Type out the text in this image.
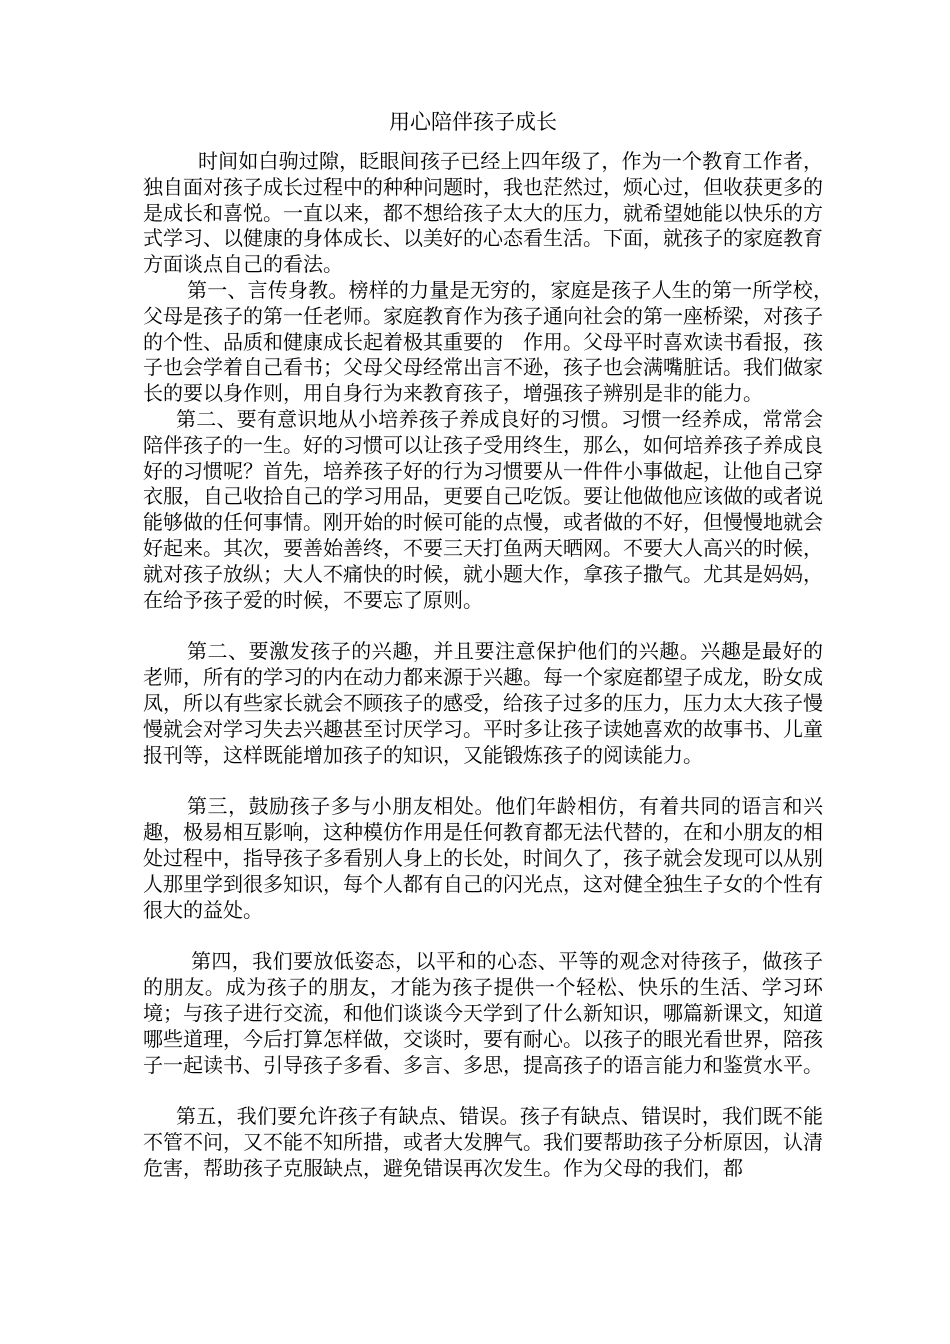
用心陪伴孩子成长

时间如白驹过隙，眨眼间孩子已经上四年级了，作为一个教育工作者，独自面对孩子成长过程中的种种问题时，我也茫然过，烦心过，但收获更多的是成长和喜悦。一直以来，都不想给孩子太大的压力，就希望她能以快乐的方式学习、以健康的身体成长、以美好的心态看生活。下面，就孩子的家庭教育方面谈点自己的看法。

第一、言传身教。榜样的力量是无穷的，家庭是孩子人生的第一所学校，　父母是孩子的第一任老师。家庭教育作为孩子通向社会的第一座桥梁，对孩子的个性、品质和健康成长起着极其重要的　作用。父母平时喜欢读书看报，孩子也会学着自己看书；父母父母经常出言不逊，孩子也会满嘴脏话。我们做家长的要以身作则，用自身行为来教育孩子，增强孩子辨别是非的能力。

第二、要有意识地从小培养孩子养成良好的习惯。习惯一经养成，常常会陪伴孩子的一生。好的习惯可以让孩子受用终生，那么，如何培养孩子养成良好的习惯呢？首先，培养孩子好的行为习惯要从一件件小事做起，让他自己穿衣服，自己收拾自己的学习用品，更要自己吃饭。要让他做他应该做的或者说能够做的任何事情。刚开始的时候可能的点慢，或者做的不好，但慢慢地就会好起来。其次，要善始善终，不要三天打鱼两天晒网。不要大人高兴的时候，就对孩子放纵；大人不痛快的时候，就小题大作，拿孩子撒气。尤其是妈妈，在给予孩子爱的时候，不要忘了原则。

第二、要激发孩子的兴趣，并且要注意保护他们的兴趣。兴趣是最好的老师，所有的学习的内在动力都来源于兴趣。每一个家庭都望子成龙，盼女成凤，所以有些家长就会不顾孩子的感受，给孩子过多的压力，压力太大孩子慢慢就会对学习失去兴趣甚至讨厌学习。平时多让孩子读她喜欢的故事书、儿童报刊等，这样既能增加孩子的知识，又能锻炼孩子的阅读能力。

第三，鼓励孩子多与小朋友相处。他们年龄相仿，有着共同的语言和兴趣，极易相互影响，这种模仿作用是任何教育都无法代替的，在和小朋友的相处过程中，指导孩子多看别人身上的长处，时间久了，孩子就会发现可以从别人那里学到很多知识，每个人都有自己的闪光点，这对健全独生子女的个性有很大的益处。

第四，我们要放低姿态，以平和的心态、平等的观念对待孩子，做孩子的朋友。成为孩子的朋友，才能为孩子提供一个轻松、快乐的生活、学习环境；与孩子进行交流，和他们谈谈今天学到了什么新知识，哪篇新课文，知道哪些道理，今后打算怎样做，交谈时，要有耐心。以孩子的眼光看世界，陪孩子一起读书、引导孩子多看、多言、多思，提高孩子的语言能力和鉴赏水平。

第五，我们要允许孩子有缺点、错误。孩子有缺点、错误时，我们既不能不管不问，又不能不知所措，或者大发脾气。我们要帮助孩子分析原因，认清危害，帮助孩子克服缺点，避免错误再次发生。作为父母的我们，都
